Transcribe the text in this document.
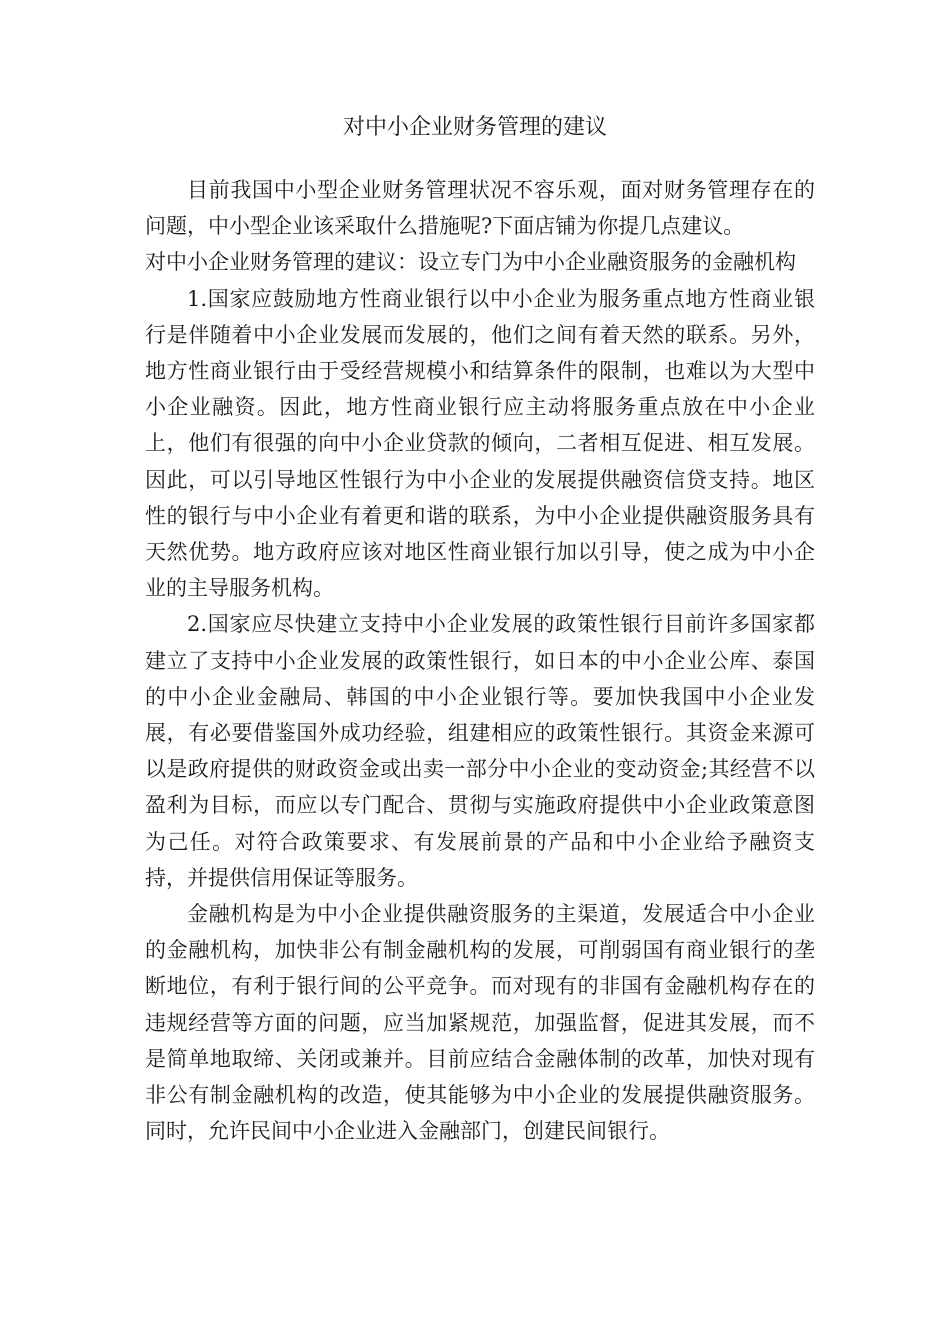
对中小企业财务管理的建议

目前我国中小型企业财务管理状况不容乐观，面对财务管理存在的问题，中小型企业该采取什么措施呢?下面店铺为你提几点建议。

对中小企业财务管理的建议：设立专门为中小企业融资服务的金融机构

1.国家应鼓励地方性商业银行以中小企业为服务重点地方性商业银行是伴随着中小企业发展而发展的，他们之间有着天然的联系。另外，地方性商业银行由于受经营规模小和结算条件的限制，也难以为大型中小企业融资。因此，地方性商业银行应主动将服务重点放在中小企业上，他们有很强的向中小企业贷款的倾向，二者相互促进、相互发展。因此，可以引导地区性银行为中小企业的发展提供融资信贷支持。地区性的银行与中小企业有着更和谐的联系，为中小企业提供融资服务具有天然优势。地方政府应该对地区性商业银行加以引导，使之成为中小企业的主导服务机构。

2.国家应尽快建立支持中小企业发展的政策性银行目前许多国家都建立了支持中小企业发展的政策性银行，如日本的中小企业公库、泰国的中小企业金融局、韩国的中小企业银行等。要加快我国中小企业发展，有必要借鉴国外成功经验，组建相应的政策性银行。其资金来源可以是政府提供的财政资金或出卖一部分中小企业的变动资金;其经营不以盈利为目标，而应以专门配合、贯彻与实施政府提供中小企业政策意图为己任。对符合政策要求、有发展前景的产品和中小企业给予融资支持，并提供信用保证等服务。

金融机构是为中小企业提供融资服务的主渠道，发展适合中小企业的金融机构，加快非公有制金融机构的发展，可削弱国有商业银行的垄断地位，有利于银行间的公平竞争。而对现有的非国有金融机构存在的违规经营等方面的问题，应当加紧规范，加强监督，促进其发展，而不是简单地取缔、关闭或兼并。目前应结合金融体制的改革，加快对现有非公有制金融机构的改造，使其能够为中小企业的发展提供融资服务。同时，允许民间中小企业进入金融部门，创建民间银行。
